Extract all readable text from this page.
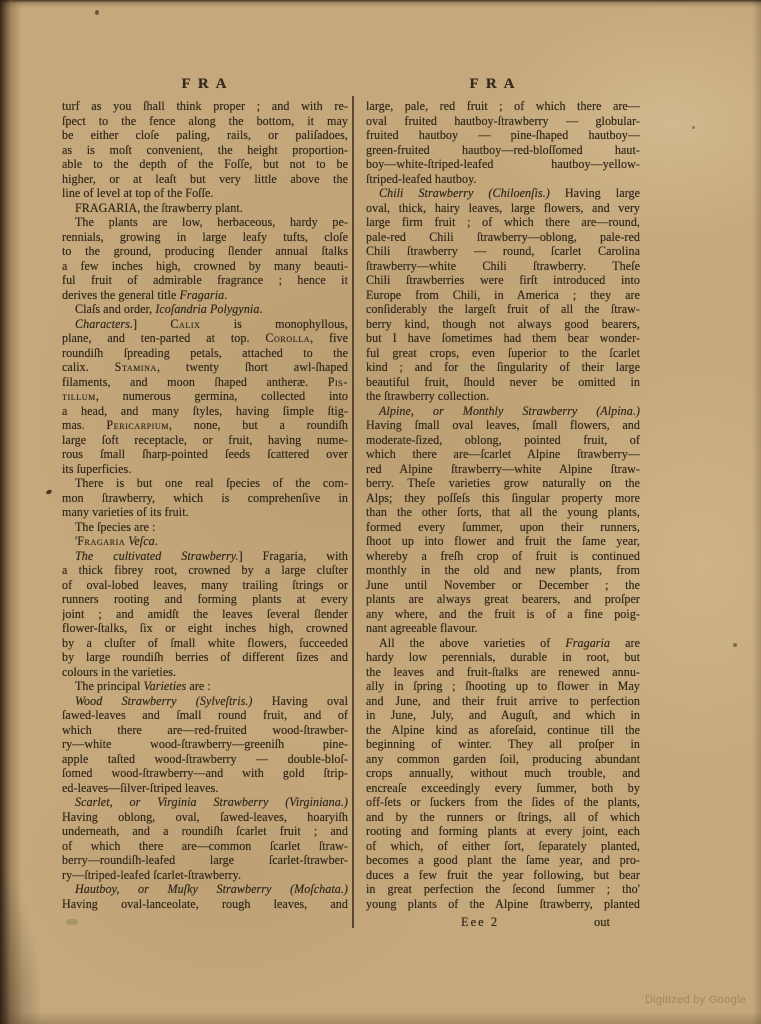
F R A	F R A
turf as you ſhall think proper ; and with re-
ſpect to the fence along the bottom, it may
be either cloſe paling, rails, or paliſadoes,
as is moſt convenient, the height proportion-
able to the depth of the Foſſe, but not to be
higher, or at leaſt but very little above the
line of level at top of the Foſſe.
FRAGARIA, the ſtrawberry plant.
The plants are low, herbaceous, hardy pe-
rennials, growing in large leafy tufts, cloſe
to the ground, producing ſlender annual ſtalks
a few inches high, crowned by many beauti-
ful fruit of admirable fragrance ; hence it
derives the general title Fragaria.
Claſs and order, Icoſandria Polygynia.
Characters.] Calix is monophyllous,
plane, and ten-parted at top. Corolla, five
roundiſh ſpreading petals, attached to the
calix. Stamina, twenty ſhort awl-ſhaped
filaments, and moon ſhaped antheræ. Pis-
tillum, numerous germina, collected into
a head, and many ſtyles, having ſimple ſtig-
mas. Pericarpium, none, but a roundiſh
large ſoft receptacle, or fruit, having nume-
rous ſmall ſharp-pointed ſeeds ſcattered over
its ſuperficies.
There is but one real ſpecies of the com-
mon ſtrawberry, which is comprehenſive in
many varieties of its fruit.
The ſpecies are :
'Fragaria Veſca.
The cultivated Strawberry.] Fragaria, with
a thick fibrey root, crowned by a large cluſter
of oval-lobed leaves, many trailing ſtrings or
runners rooting and forming plants at every
joint ; and amidſt the leaves ſeveral ſlender
flower-ſtalks, ſix or eight inches high, crowned
by a cluſter of ſmall white flowers, ſucceeded
by large roundiſh berries of different ſizes and
colours in the varieties.
The principal Varieties are :
Wood Strawberry (Sylveſtris.) Having oval
ſawed-leaves and ſmall round fruit, and of
which there are—red-fruited wood-ſtrawber-
ry—white wood-ſtrawberry—greeniſh pine-
apple taſted wood-ſtrawberry — double-bloſ-
ſomed wood-ſtrawberry—and with gold ſtrip-
ed-leaves—ſilver-ſtriped leaves.
Scarlet, or Virginia Strawberry (Virginiana.)
Having oblong, oval, ſawed-leaves, hoaryiſh
underneath, and a roundiſh ſcarlet fruit ; and
of which there are—common ſcarlet ſtraw-
berry—roundiſh-leafed large ſcarlet-ſtrawber-
ry—ſtriped-leafed ſcarlet-ſtrawberry.
Hautboy, or Muſky Strawberry (Moſchata.)
Having oval-lanceolate, rough leaves, and
large, pale, red fruit ; of which there are—
oval fruited hautboy-ſtrawberry — globular-
fruited hautboy — pine-ſhaped hautboy—
green-fruited hautboy—red-bloſſomed haut-
boy—white-ſtriped-leafed hautboy—yellow-
ſtriped-leafed hautboy.
Chili Strawberry (Chiloenſis.) Having large
oval, thick, hairy leaves, large flowers, and very
large firm fruit ; of which there are—round,
pale-red Chili ſtrawberry—oblong, pale-red
Chili ſtrawberry — round, ſcarlet Carolina
ſtrawberry—white Chili ſtrawberry. Theſe
Chili ſtrawberries were firſt introduced into
Europe from Chili, in America ; they are
conſiderably the largeſt fruit of all the ſtraw-
berry kind, though not always good bearers,
but I have ſometimes had them bear wonder-
ful great crops, even ſuperior to the ſcarlet
kind ; and for the ſingularity of their large
beautiful fruit, ſhould never be omitted in
the ſtrawberry collection.
Alpine, or Monthly Strawberry (Alpina.)
Having ſmall oval leaves, ſmall flowers, and
moderate-ſized, oblong, pointed fruit, of
which there are—ſcarlet Alpine ſtrawberry—
red Alpine ſtrawberry—white Alpine ſtraw-
berry. Theſe varieties grow naturally on the
Alps; they poſſeſs this ſingular property more
than the other ſorts, that all the young plants,
formed every ſummer, upon their runners,
ſhoot up into flower and fruit the ſame year,
whereby a freſh crop of fruit is continued
monthly in the old and new plants, from
June until November or December ; the
plants are always great bearers, and proſper
any where, and the fruit is of a fine poig-
nant agreeable flavour.
All the above varieties of Fragaria are
hardy low perennials, durable in root, but
the leaves and fruit-ſtalks are renewed annu-
ally in ſpring ; ſhooting up to flower in May
and June, and their fruit arrive to perfection
in June, July, and Auguſt, and which in
the Alpine kind as aforeſaid, continue till the
beginning of winter. They all proſper in
any common garden ſoil, producing abundant
crops annually, without much trouble, and
encreaſe exceedingly every ſummer, both by
off-ſets or ſuckers from the ſides of the plants,
and by the runners or ſtrings, all of which
rooting and forming plants at every joint, each
of which, of either ſort, ſeparately planted,
becomes a good plant the ſame year, and pro-
duces a few fruit the year following, but bear
in great perfection the ſecond ſummer ; tho'
young plants of the Alpine ſtrawberry, planted
Eee 2	out
Digitized by Google
